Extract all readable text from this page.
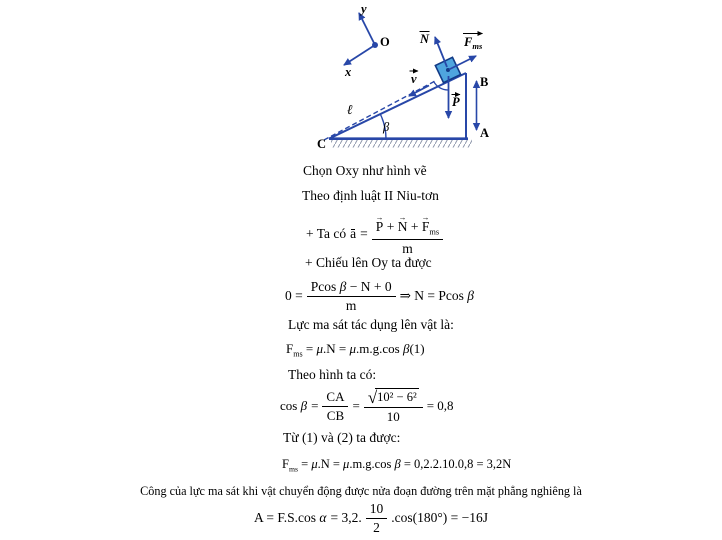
y
x
O N	$F_{ms}$
v
P
ℓ
β
B
A
C
Chọn Oxy như hình vẽ
Theo định luật II Niu-tơn
+ Ta có $a = \frac{P \to + N \to + F \to_{ms}}{m}$
+ Chiếu lên Oy ta được
$0 = \frac{\text{Pcos β − N + 0}}{m}$ ⇒ N = Pcos β
Lực ma sát tác dụng lên vật là:
$F_{ms} = \mu.N = \mu.m.g.\cos$ β(1)
Theo hình ta có:
$\cos \beta = \frac{CA}{CB} = \frac{\text{√ 10² − 6²}}{10} = 0,8$
Từ (1) và (2) ta được:
$F_{ms} = \mu.N = \mu.m.g.\cos$ β = 0,2.2.10.0,8 = 3,2N
Công của lực ma sát khi vật chuyển động được nửa đoạn đường trên mặt phẳng nghiêng là
A = F.S.cos α = 3,2. $\frac{10}{2} .\cos(180^\circ) = -16J$
